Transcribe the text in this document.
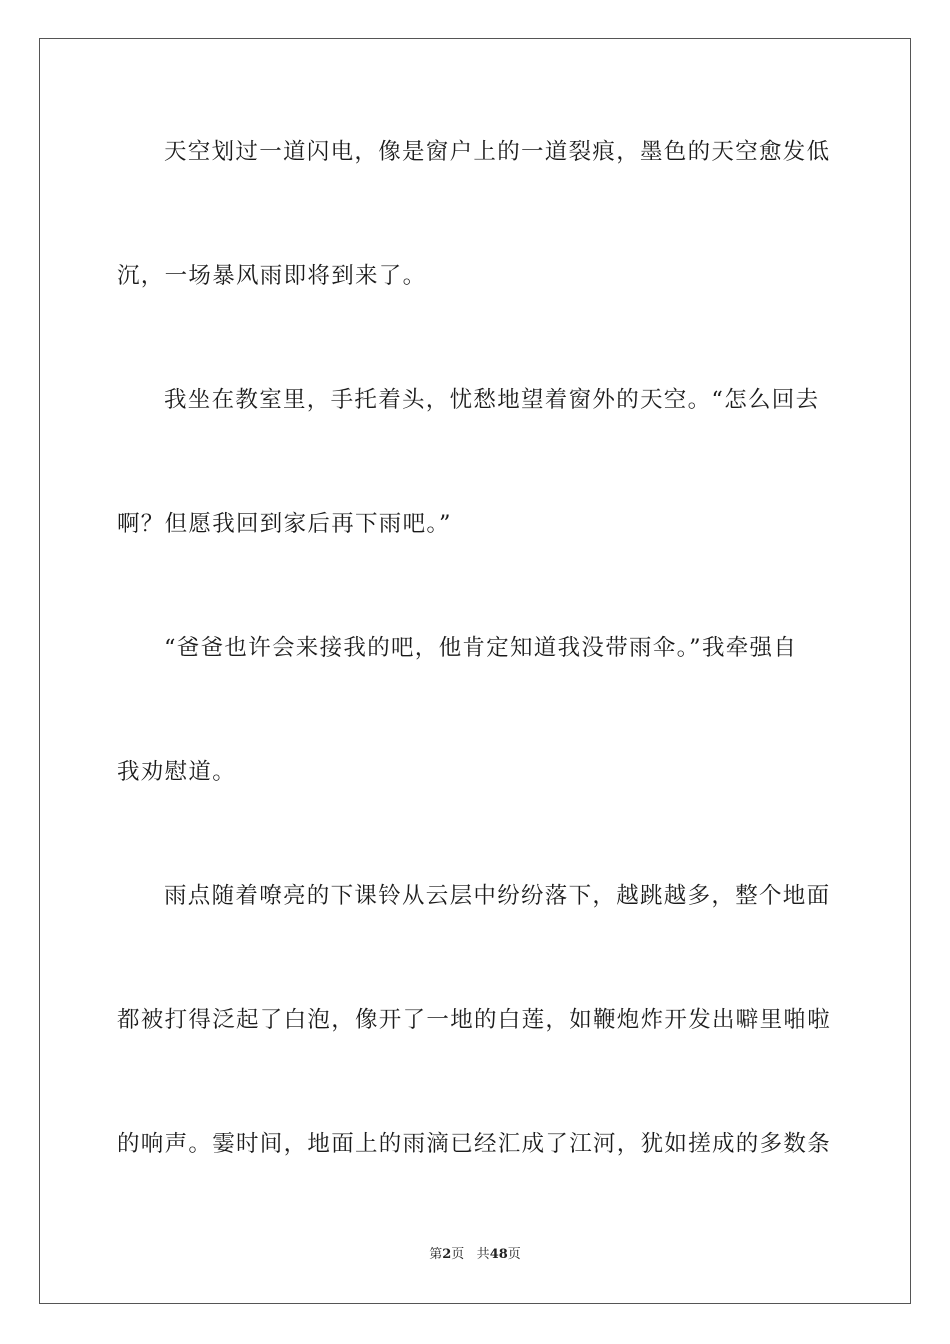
天空划过一道闪电，像是窗户上的一道裂痕，墨色的天空愈发低
沉，一场暴风雨即将到来了。
我坐在教室里，手托着头，忧愁地望着窗外的天空。“怎么回去
啊？但愿我回到家后再下雨吧。”
“爸爸也许会来接我的吧，他肯定知道我没带雨伞。”我牵强自
我劝慰道。
雨点随着嘹亮的下课铃从云层中纷纷落下，越跳越多，整个地面
都被打得泛起了白泡，像开了一地的白莲，如鞭炮炸开发出噼里啪啦
的响声。霎时间，地面上的雨滴已经汇成了江河，犹如搓成的多数条
第2页 共48页
